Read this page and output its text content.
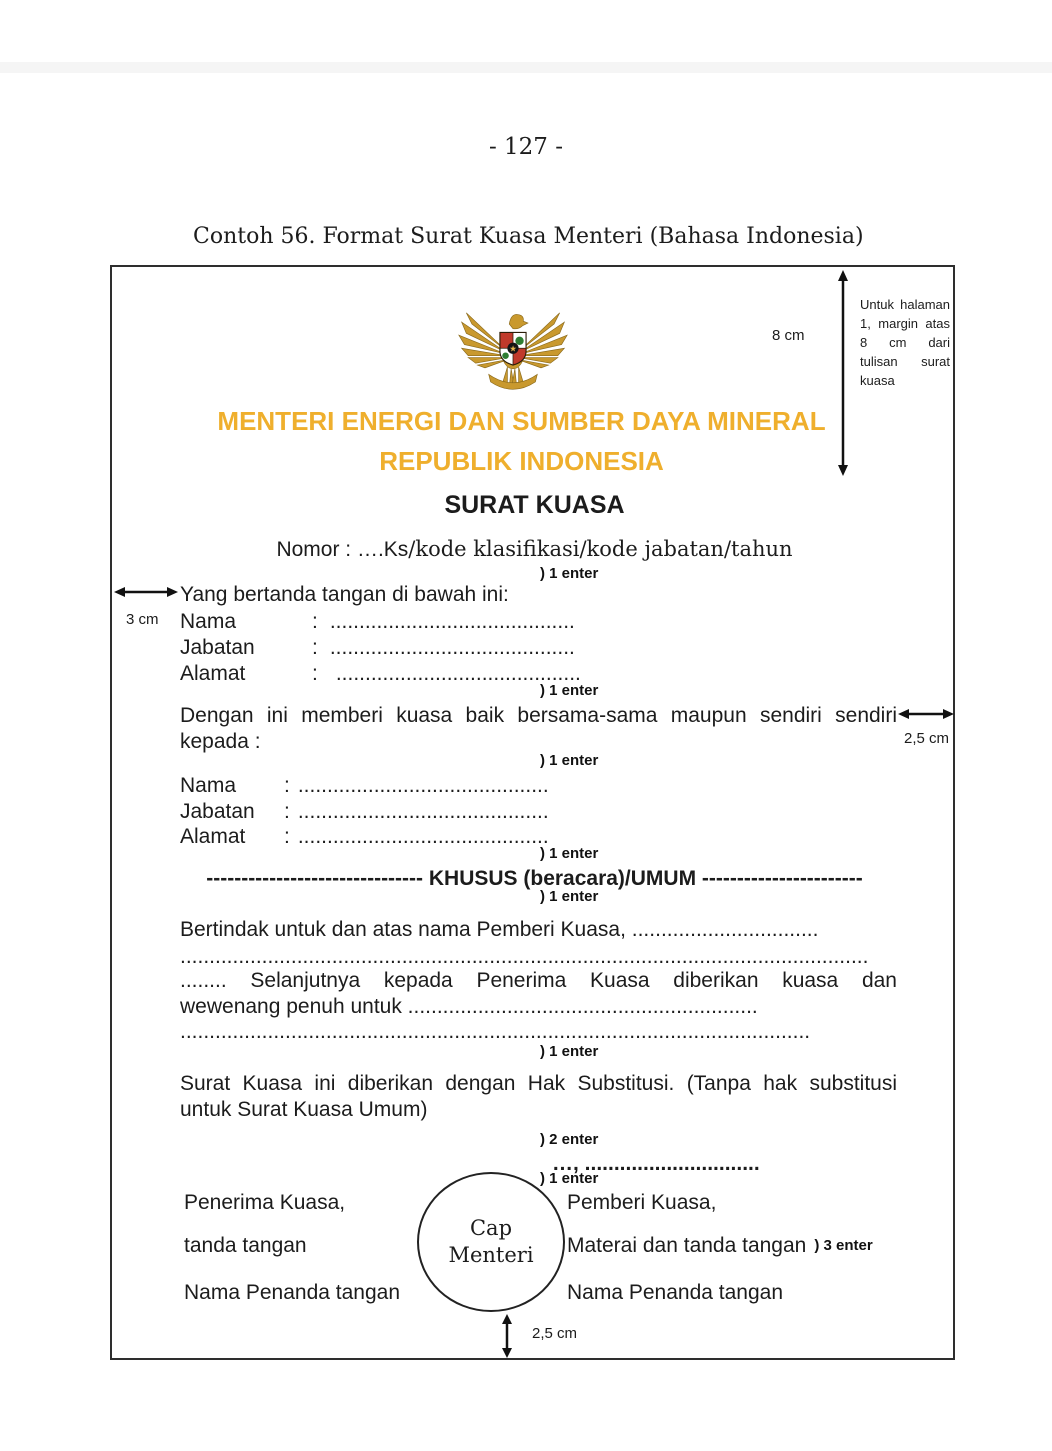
- 127 -
Contoh 56. Format Surat Kuasa Menteri (Bahasa Indonesia)
★
8 cm
Untuk halaman 1, margin atas 8 cm dari tulisan surat kuasa
3 cm
2,5 cm
2,5 cm
MENTERI ENERGI DAN SUMBER DAYA MINERAL
REPUBLIK INDONESIA
SURAT KUASA
Nomor : ….Ks/kode klasifikasi/kode jabatan/tahun
) 1 enter
) 1 enter
) 1 enter
) 1 enter
) 1 enter
) 1 enter
) 2 enter
) 1 enter
Yang bertanda tangan di bawah ini:
Nama	: ..........................................
Jabatan	: ..........................................
Alamat	: ..........................................
Dengan ini memberi kuasa baik bersama-sama maupun sendiri sendiri
kepada :
Nama	: ...........................................
Jabatan	: ...........................................
Alamat	: ...........................................
------------------------------- KHUSUS (beracara)/UMUM -----------------------
Bertindak untuk dan atas nama Pemberi Kuasa, ................................
......................................................................................................................
........ Selanjutnya kepada Penerima Kuasa diberikan kuasa dan
wewenang penuh untuk ............................................................
............................................................................................................
Surat Kuasa ini diberikan dengan Hak Substitusi. (Tanpa hak substitusi
untuk Surat Kuasa Umum)
…, ..............................
Penerima Kuasa,	Pemberi Kuasa,
tanda tangan	Materai dan tanda tangan ) 3 enter
Nama Penanda tangan	Nama Penanda tangan
Cap
Menteri
